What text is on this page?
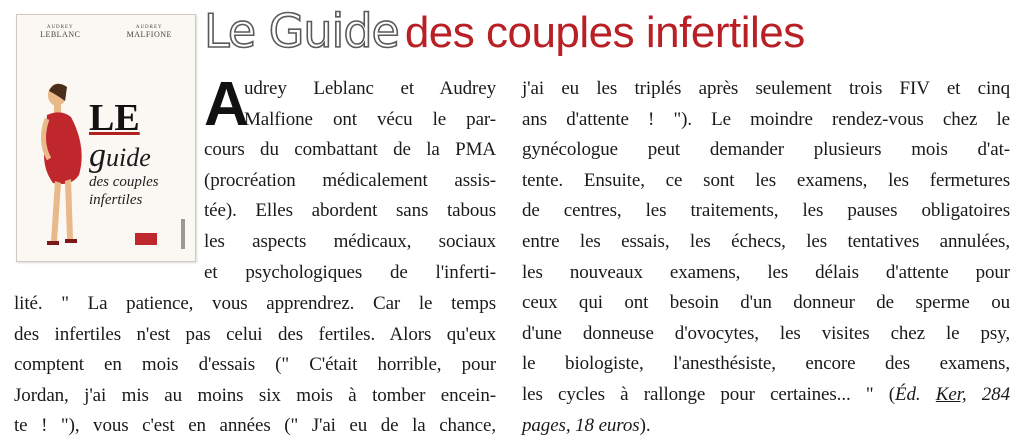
AUDREY
LEBLANC
AUDREY
MALFIONE
LE
guide
des couples
infertiles
Le Guide des couples infertiles
A
udrey Leblanc et Audrey
Malfione ont vécu le par-
cours du combattant de la PMA
(procréation médicalement assis-
tée). Elles abordent sans tabous
les aspects médicaux, sociaux
et psychologiques de l'inferti-
lité. " La patience, vous apprendrez. Car le temps
des infertiles n'est pas celui des fertiles. Alors qu'eux
comptent en mois d'essais (" C'était horrible, pour
Jordan, j'ai mis au moins six mois à tomber encein-
te ! "), vous c'est en années (" J'ai eu de la chance,
j'ai eu les triplés après seulement trois FIV et cinq
ans d'attente ! "). Le moindre rendez-vous chez le
gynécologue peut demander plusieurs mois d'at-
tente. Ensuite, ce sont les examens, les fermetures
de centres, les traitements, les pauses obligatoires
entre les essais, les échecs, les tentatives annulées,
les nouveaux examens, les délais d'attente pour
ceux qui ont besoin d'un donneur de sperme ou
d'une donneuse d'ovocytes, les visites chez le psy,
le biologiste, l'anesthésiste, encore des examens,
les cycles à rallonge pour certaines... " (Éd. Ker, 284
pages, 18 euros).
